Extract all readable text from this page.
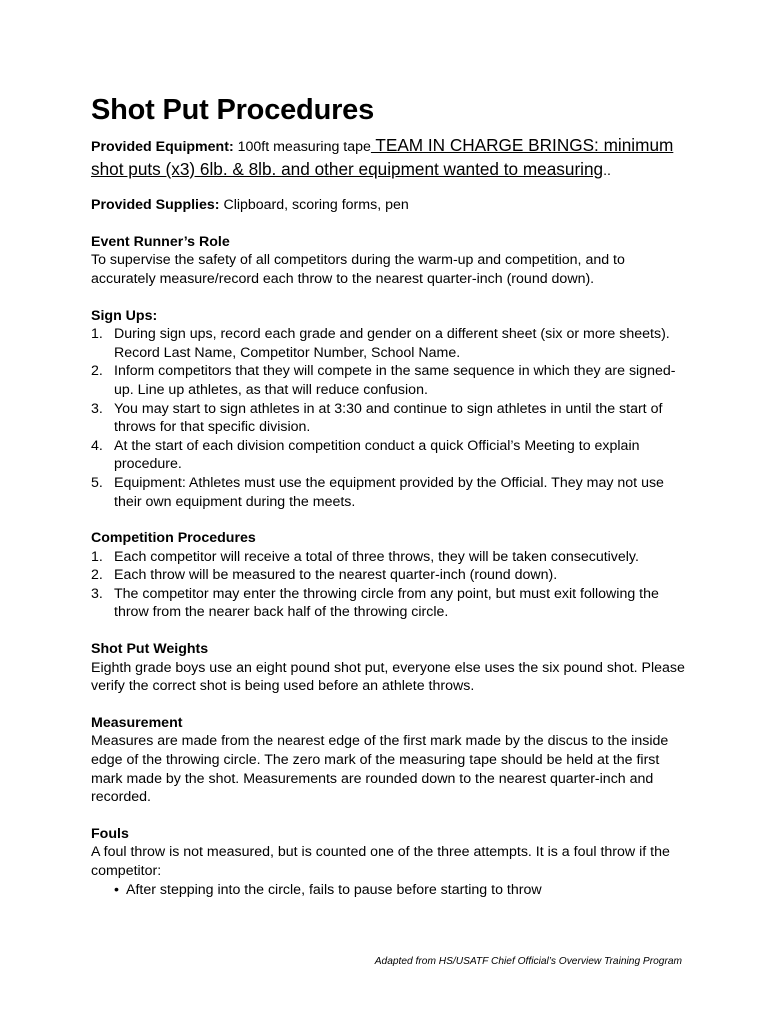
Shot Put Procedures

Provided Equipment: 100ft measuring tape TEAM IN CHARGE BRINGS: minimum shot puts (x3) 6lb. & 8lb. and other equipment wanted to measuring..

Provided Supplies: Clipboard, scoring forms, pen

Event Runner’s Role

To supervise the safety of all competitors during the warm-up and competition, and to accurately measure/record each throw to the nearest quarter-inch (round down).

Sign Ups:

1. During sign ups, record each grade and gender on a different sheet (six or more sheets). Record Last Name, Competitor Number, School Name.
2. Inform competitors that they will compete in the same sequence in which they are signed-up. Line up athletes, as that will reduce confusion.
3. You may start to sign athletes in at 3:30 and continue to sign athletes in until the start of throws for that specific division.
4. At the start of each division competition conduct a quick Official’s Meeting to explain procedure.
5. Equipment: Athletes must use the equipment provided by the Official. They may not use their own equipment during the meets.

Competition Procedures

1. Each competitor will receive a total of three throws, they will be taken consecutively.
2. Each throw will be measured to the nearest quarter-inch (round down).
3. The competitor may enter the throwing circle from any point, but must exit following the throw from the nearer back half of the throwing circle.

Shot Put Weights

Eighth grade boys use an eight pound shot put, everyone else uses the six pound shot. Please verify the correct shot is being used before an athlete throws.

Measurement

Measures are made from the nearest edge of the first mark made by the discus to the inside edge of the throwing circle. The zero mark of the measuring tape should be held at the first mark made by the shot. Measurements are rounded down to the nearest quarter-inch and recorded.

Fouls

A foul throw is not measured, but is counted one of the three attempts. It is a foul throw if the competitor:

• After stepping into the circle, fails to pause before starting to throw
Adapted from HS/USATF Chief Official’s Overview Training Program
